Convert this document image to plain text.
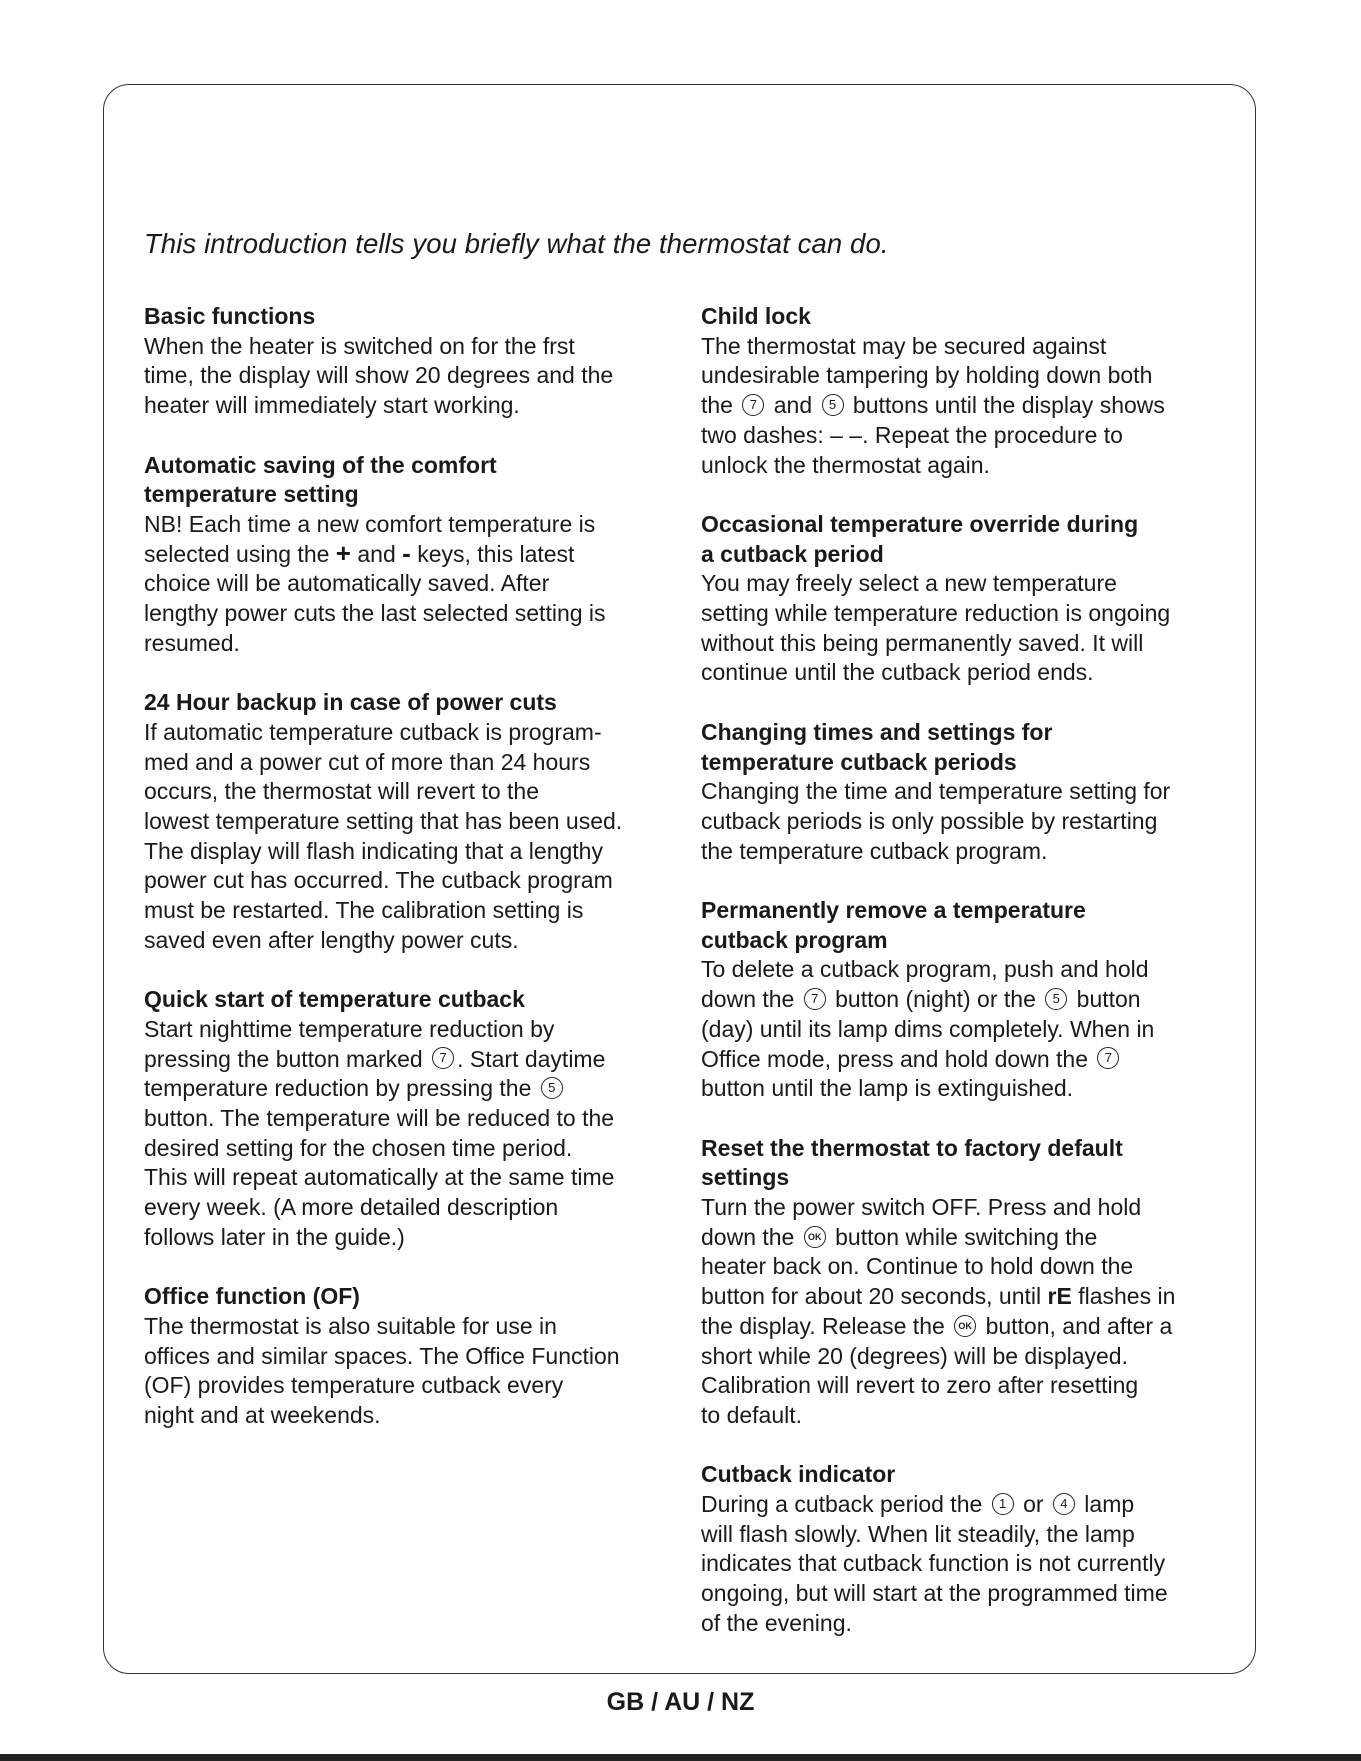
This introduction tells you briefly what the thermostat can do.

Basic functions
When the heater is switched on for the frst
time, the display will show 20 degrees and the
heater will immediately start working.
Automatic saving of the comfort
temperature setting
NB! Each time a new comfort temperature is
selected using the + and - keys, this latest
choice will be automatically saved. After
lengthy power cuts the last selected setting is
resumed.
24 Hour backup in case of power cuts
If automatic temperature cutback is program-
med and a power cut of more than 24 hours
occurs, the thermostat will revert to the
lowest temperature setting that has been used.
The display will flash indicating that a lengthy
power cut has occurred. The cutback program
must be restarted. The calibration setting is
saved even after lengthy power cuts.
Quick start of temperature cutback
Start nighttime temperature reduction by
pressing the button marked 7 . Start daytime
temperature reduction by pressing the 5
button. The temperature will be reduced to the
desired setting for the chosen time period.
This will repeat automatically at the same time
every week. (A more detailed description
follows later in the guide.)
Office function (OF)
The thermostat is also suitable for use in
offices and similar spaces. The Office Function
(OF) provides temperature cutback every
night and at weekends.
Child lock
The thermostat may be secured against
undesirable tampering by holding down both
the 7 and 5 buttons until the display shows
two dashes: – –. Repeat the procedure to
unlock the thermostat again.
Occasional temperature override during
a cutback period
You may freely select a new temperature
setting while temperature reduction is ongoing
without this being permanently saved. It will
continue until the cutback period ends.
Changing times and settings for
temperature cutback periods
Changing the time and temperature setting for
cutback periods is only possible by restarting
the temperature cutback program.
Permanently remove a temperature
cutback program
To delete a cutback program, push and hold
down the 7 button (night) or the 5 button
(day) until its lamp dims completely. When in
Office mode, press and hold down the 7
button until the lamp is extinguished.
Reset the thermostat to factory default
settings
Turn the power switch OFF. Press and hold
down the OK button while switching the
heater back on. Continue to hold down the
button for about 20 seconds, until rE flashes in
the display. Release the OK button, and after a
short while 20 (degrees) will be displayed.
Calibration will revert to zero after resetting
to default.
Cutback indicator
During a cutback period the 1 or 4 lamp
will flash slowly. When lit steadily, the lamp
indicates that cutback function is not currently
ongoing, but will start at the programmed time
of the evening.
GB / AU / NZ
